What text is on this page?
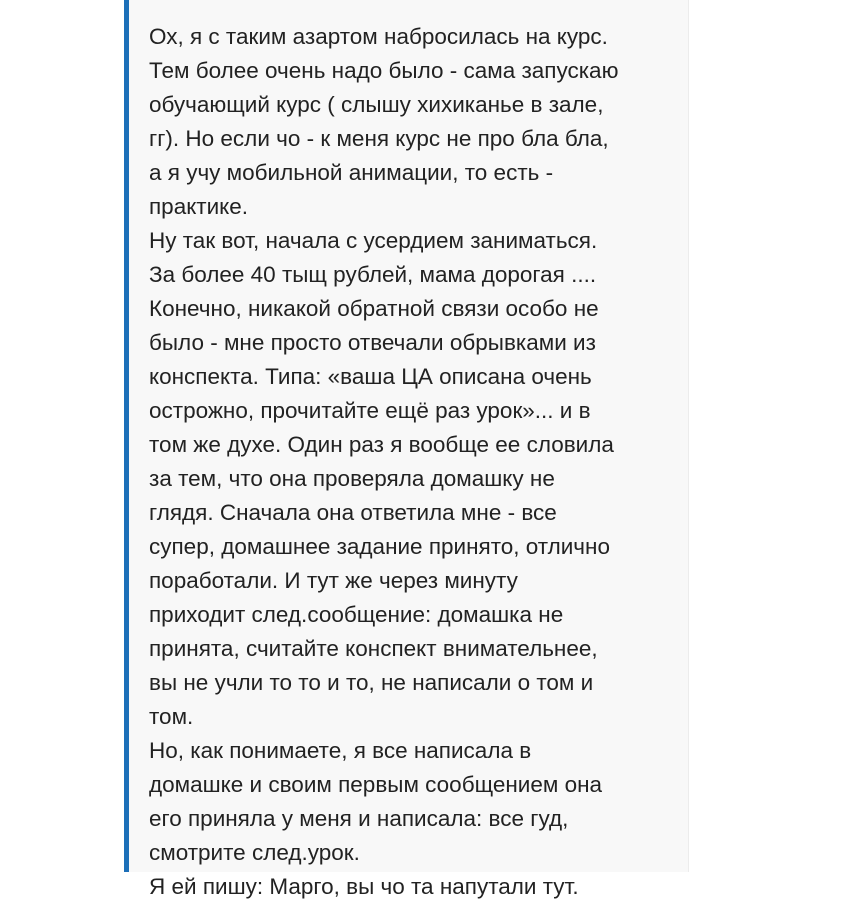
Ох, я с таким азартом набросилась на курс.
Тем более очень надо было - сама запускаю
обучающий курс ( слышу хихиканье в зале,
гг). Но если чо - к меня курс не про бла бла,
а я учу мобильной анимации, то есть -
практике.
Ну так вот, начала с усердием заниматься.
За более 40 тыщ рублей, мама дорогая ....
Конечно, никакой обратной связи особо не
было - мне просто отвечали обрывками из
конспекта. Типа: «ваша ЦА описана очень
острожно, прочитайте ещё раз урок»... и в
том же духе. Один раз я вообще ее словила
за тем, что она проверяла домашку не
глядя. Сначала она ответила мне - все
супер, домашнее задание принято, отлично
поработали. И тут же через минуту
приходит след.сообщение: домашка не
принята, считайте конспект внимательнее,
вы не учли то то и то, не написали о том и
том.
Но, как понимаете, я все написала в
домашке и своим первым сообщением она
его приняла у меня и написала: все гуд,
смотрите след.урок.
Я ей пишу: Марго, вы чо та напутали тут.
